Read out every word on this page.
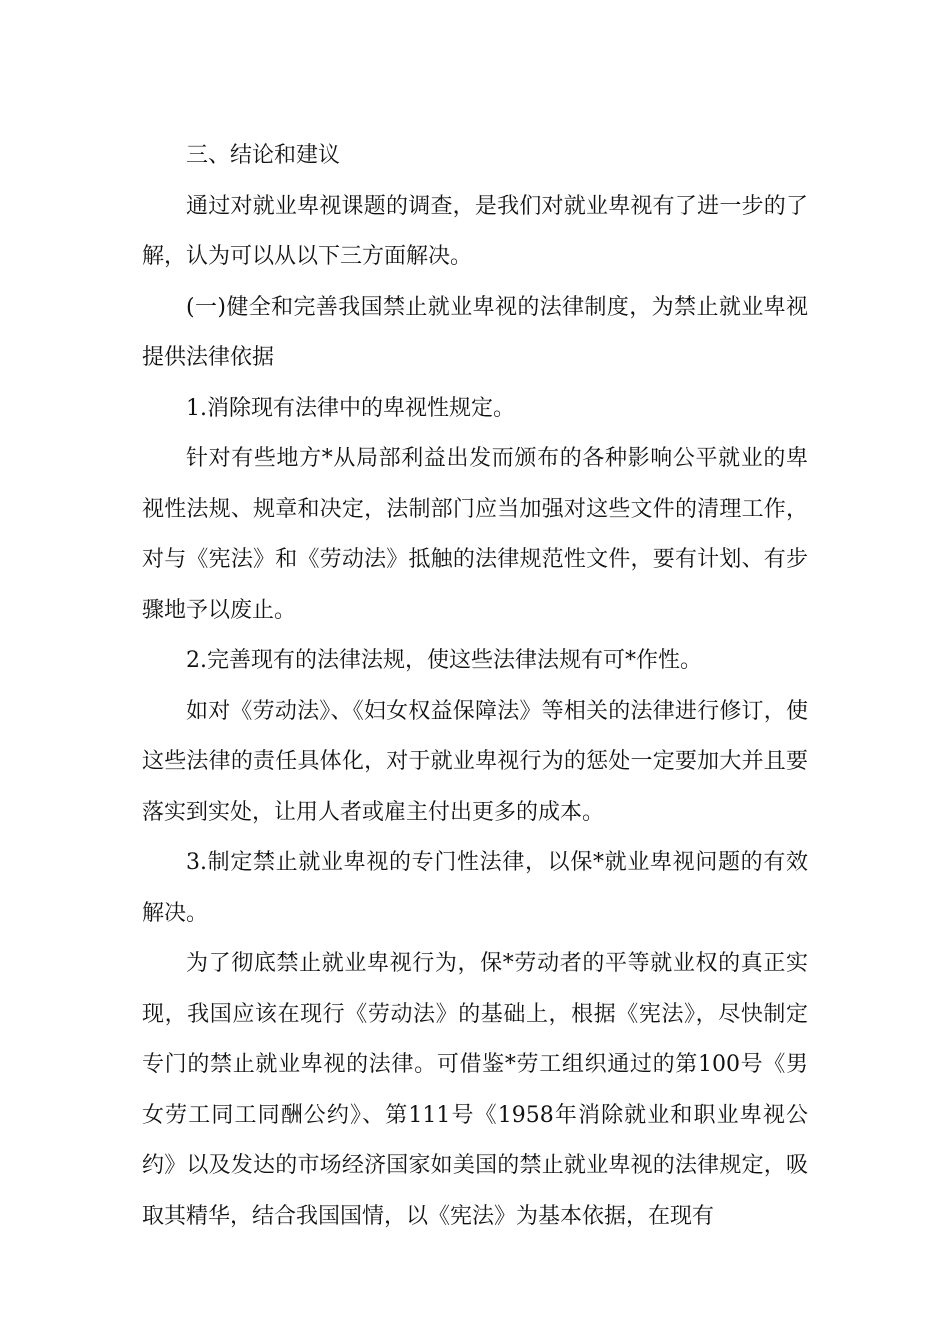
三、结论和建议

通过对就业卑视课题的调查，是我们对就业卑视有了进一步的了解，认为可以从以下三方面解决。

(一)健全和完善我国禁止就业卑视的法律制度，为禁止就业卑视提供法律依据

1.消除现有法律中的卑视性规定。

针对有些地方*从局部利益出发而颁布的各种影响公平就业的卑视性法规、规章和决定，法制部门应当加强对这些文件的清理工作，对与《宪法》和《劳动法》抵触的法律规范性文件，要有计划、有步骤地予以废止。

2.完善现有的法律法规，使这些法律法规有可*作性。

如对《劳动法》、《妇女权益保障法》等相关的法律进行修订，使这些法律的责任具体化，对于就业卑视行为的惩处一定要加大并且要落实到实处，让用人者或雇主付出更多的成本。

3.制定禁止就业卑视的专门性法律，以保*就业卑视问题的有效解决。

为了彻底禁止就业卑视行为，保*劳动者的平等就业权的真正实现，我国应该在现行《劳动法》的基础上，根据《宪法》，尽快制定专门的禁止就业卑视的法律。可借鉴*劳工组织通过的第100号《男女劳工同工同酬公约》、第111号《1958年消除就业和职业卑视公约》以及发达的市场经济国家如美国的禁止就业卑视的法律规定，吸取其精华，结合我国国情，以《宪法》为基本依据，在现有
